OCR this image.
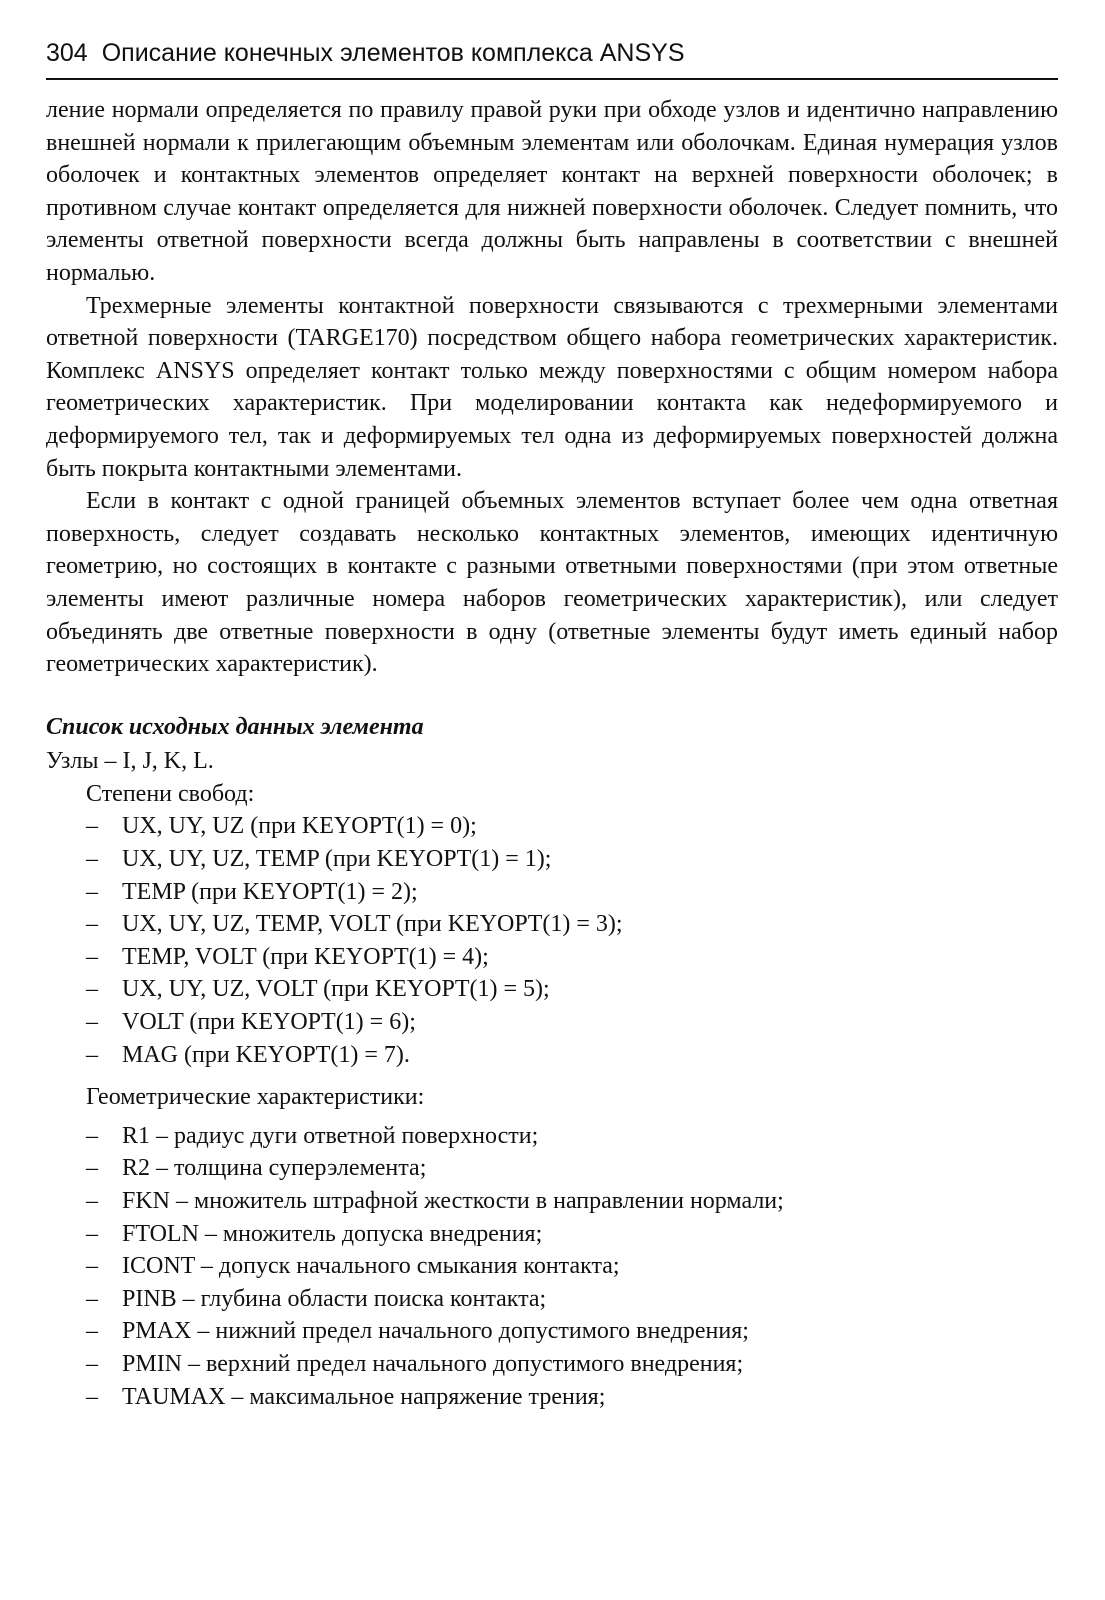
304 Описание конечных элементов комплекса ANSYS

ление нормали определяется по правилу правой руки при обходе узлов и идентично направлению внешней нормали к прилегающим объемным элементам или оболочкам. Единая нумерация узлов оболочек и контактных элементов определяет контакт на верхней поверхности оболочек; в противном случае контакт определяется для нижней поверхности оболочек. Следует помнить, что элементы ответной поверхности всегда должны быть направлены в соответствии с внешней нормалью.

Трехмерные элементы контактной поверхности связываются с трехмерными элементами ответной поверхности (TARGE170) посредством общего набора геометрических характеристик. Комплекс ANSYS определяет контакт только между поверхностями с общим номером набора геометрических характеристик. При моделировании контакта как недеформируемого и деформируемого тел, так и деформируемых тел одна из деформируемых поверхностей должна быть покрыта контактными элементами.

Если в контакт с одной границей объемных элементов вступает более чем одна ответная поверхность, следует создавать несколько контактных элементов, имеющих идентичную геометрию, но состоящих в контакте с разными ответными поверхностями (при этом ответные элементы имеют различные номера наборов геометрических характеристик), или следует объединять две ответные поверхности в одну (ответные элементы будут иметь единый набор геометрических характеристик).

Список исходных данных элемента

Узлы – I, J, K, L.

Степени свобод:

– UX, UY, UZ (при KEYOPT(1) = 0);
– UX, UY, UZ, TEMP (при KEYOPT(1) = 1);
– TEMP (при KEYOPT(1) = 2);
– UX, UY, UZ, TEMP, VOLT (при KEYOPT(1) = 3);
– TEMP, VOLT (при KEYOPT(1) = 4);
– UX, UY, UZ, VOLT (при KEYOPT(1) = 5);
– VOLT (при KEYOPT(1) = 6);
– MAG (при KEYOPT(1) = 7).

Геометрические характеристики:

– R1 – радиус дуги ответной поверхности;
– R2 – толщина суперэлемента;
– FKN – множитель штрафной жесткости в направлении нормали;
– FTOLN – множитель допуска внедрения;
– ICONT – допуск начального смыкания контакта;
– PINB – глубина области поиска контакта;
– PMAX – нижний предел начального допустимого внедрения;
– PMIN – верхний предел начального допустимого внедрения;
– TAUMAX – максимальное напряжение трения;
